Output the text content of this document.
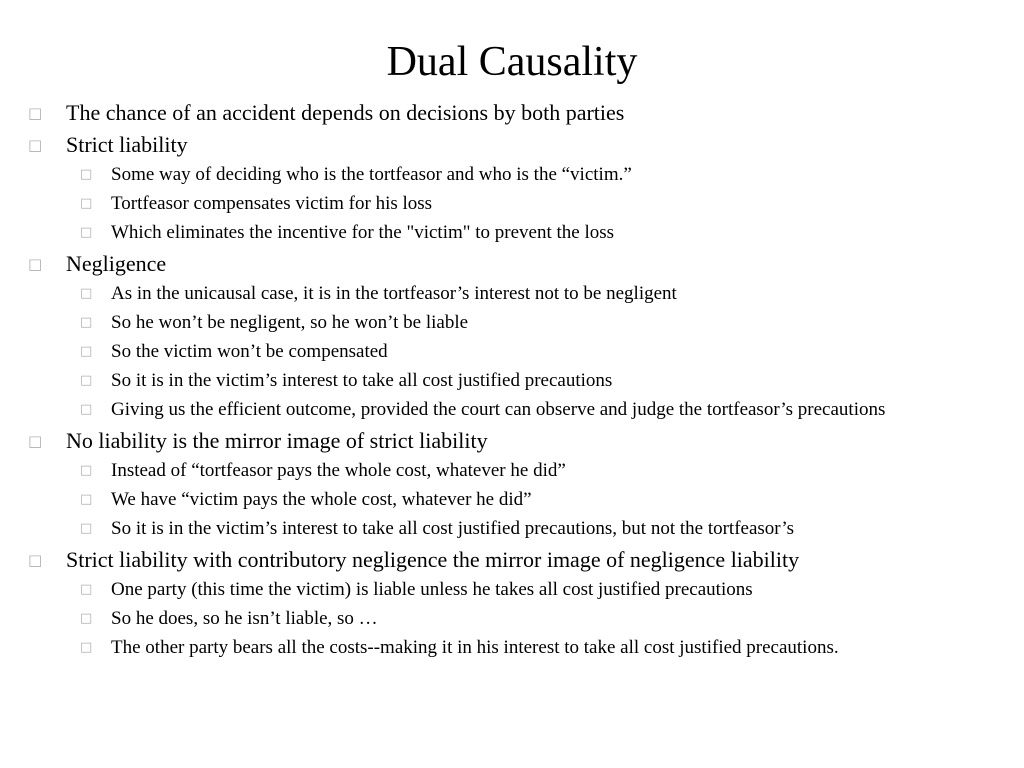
Dual Causality
□ The chance of an accident depends on decisions by both parties
□ Strict liability
□ Some way of deciding who is the tortfeasor and who is the “victim.”
□ Tortfeasor compensates victim for his loss
□ Which eliminates the incentive for the "victim" to prevent the loss
□ Negligence
□ As in the unicausal case, it is in the tortfeasor’s interest not to be negligent
□ So he won’t be negligent, so he won’t be liable
□ So the victim won’t be compensated
□ So it is in the victim’s interest to take all cost justified precautions
□ Giving us the efficient outcome, provided the court can observe and judge the tortfeasor’s precautions
□ No liability is the mirror image of strict liability
□ Instead of “tortfeasor pays the whole cost, whatever he did”
□ We have “victim pays the whole cost, whatever he did”
□ So it is in the victim’s interest to take all cost justified precautions, but not the tortfeasor’s
□ Strict liability with contributory negligence the mirror image of negligence liability
□ One party (this time the victim) is liable unless he takes all cost justified precautions
□ So he does, so he isn’t liable, so …
□ The other party bears all the costs--making it in his interest to take all cost justified precautions.
